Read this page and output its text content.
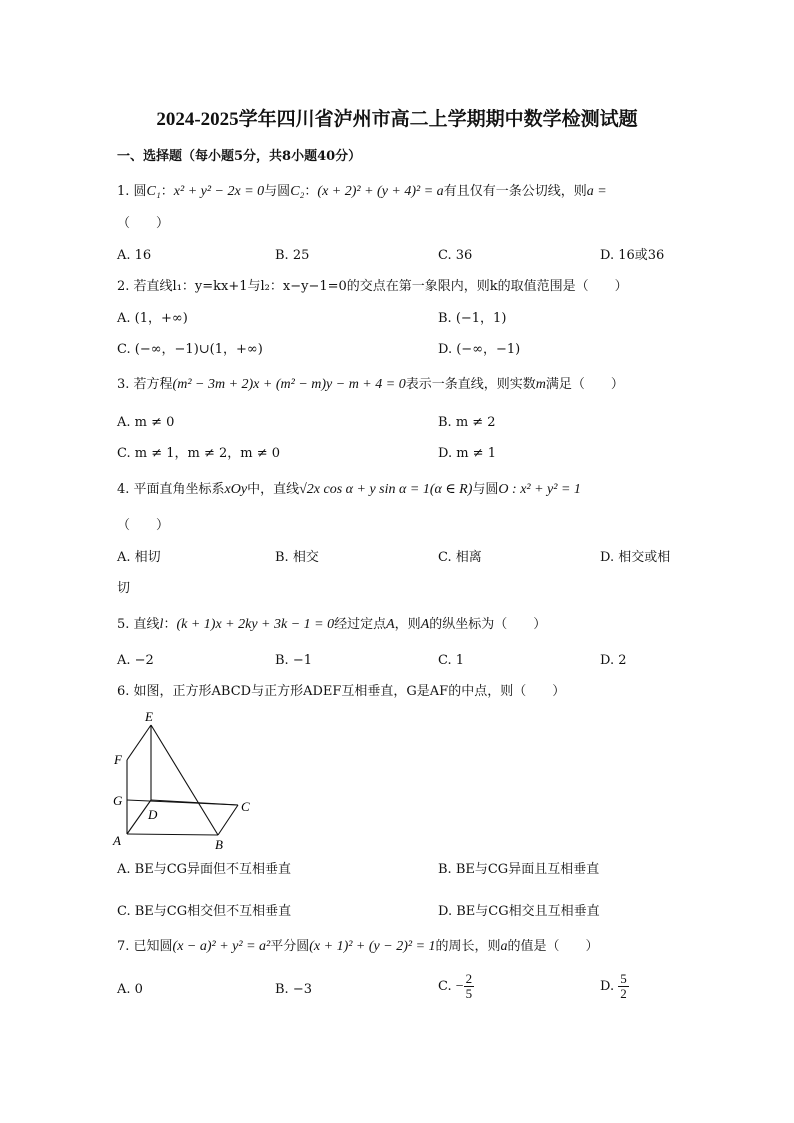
2024-2025学年四川省泸州市高二上学期期中数学检测试题
一、选择题（每小题5分，共8小题40分）
1. 圆C₁：x² + y² − 2x = 0与圆C₂：(x + 2)² + (y + 4)² = a有且仅有一条公切线，则a =
（　　）
A. 16	B. 25	C. 36	D. 16或36
2. 若直线l₁：y=kx+1与l₂：x−y−1=0的交点在第一象限内，则k的取值范围是（　　）
A. (1，+∞)	B. (−1，1)
C. (−∞，−1)∪(1，+∞)	D. (−∞，−1)
3. 若方程(m² − 3m + 2)x + (m² − m)y − m + 4 = 0表示一条直线，则实数m满足（　　）
A. m ≠ 0	B. m ≠ 2
C. m ≠ 1，m ≠ 2，m ≠ 0	D. m ≠ 1
4. 平面直角坐标系xOy中，直线√2x cos α + y sin α = 1(α ∈ R)与圆O : x² + y² = 1
（　　）
A. 相切	B. 相交	C. 相离	D. 相交或相
切
5. 直线l：(k + 1)x + 2ky + 3k − 1 = 0经过定点A，则A的纵坐标为（　　）
A. −2	B. −1	C. 1	D. 2
6. 如图，正方形ABCD与正方形ADEF互相垂直，G是AF的中点，则（　　）
E
F
G
D
C
A	B
A. BE与CG异面但不互相垂直	B. BE与CG异面且互相垂直
C. BE与CG相交但不互相垂直	D. BE与CG相交且互相垂直
7. 已知圆(x − a)² + y² = a²平分圆(x + 1)² + (y − 2)² = 1的周长，则a的值是（　　）
A. 0	B. −3	C. − $\frac{2}{5}$	D. $\frac{5}{2}$
